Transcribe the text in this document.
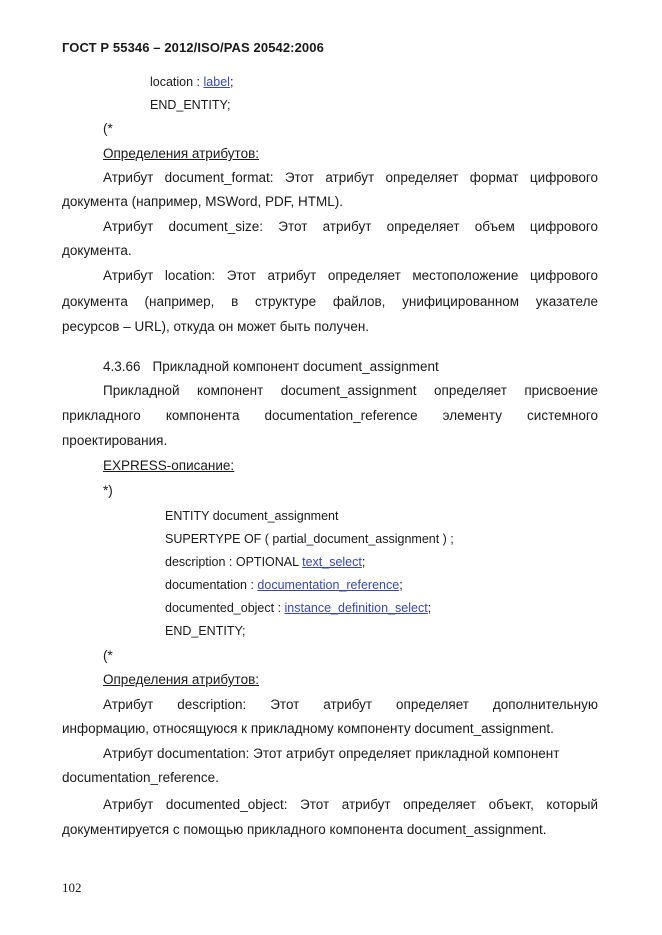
ГОСТ Р 55346 – 2012/ISO/PAS 20542:2006
location : label;
END_ENTITY;
(*
Определения атрибутов:
Атрибут document_format: Этот атрибут определяет формат цифрового
документа (например, MSWord, PDF, HTML).
Атрибут document_size: Этот атрибут определяет объем цифрового
документа.
Атрибут location: Этот атрибут определяет местоположение цифрового
документа (например, в структуре файлов, унифицированном указателе
ресурсов – URL), откуда он может быть получен.
4.3.66 Прикладной компонент document_assignment
Прикладной компонент document_assignment определяет присвоение
прикладного компонента documentation_reference элементу системного
проектирования.
EXPRESS-описание:
*)
ENTITY document_assignment
SUPERTYPE OF ( partial_document_assignment ) ;
description : OPTIONAL text_select;
documentation : documentation_reference;
documented_object : instance_definition_select;
END_ENTITY;
(*
Определения атрибутов:
Атрибут description: Этот атрибут определяет дополнительную
информацию, относящуюся к прикладному компоненту document_assignment.
Атрибут documentation: Этот атрибут определяет прикладной компонент
documentation_reference.
Атрибут documented_object: Этот атрибут определяет объект, который
документируется с помощью прикладного компонента document_assignment.
102
